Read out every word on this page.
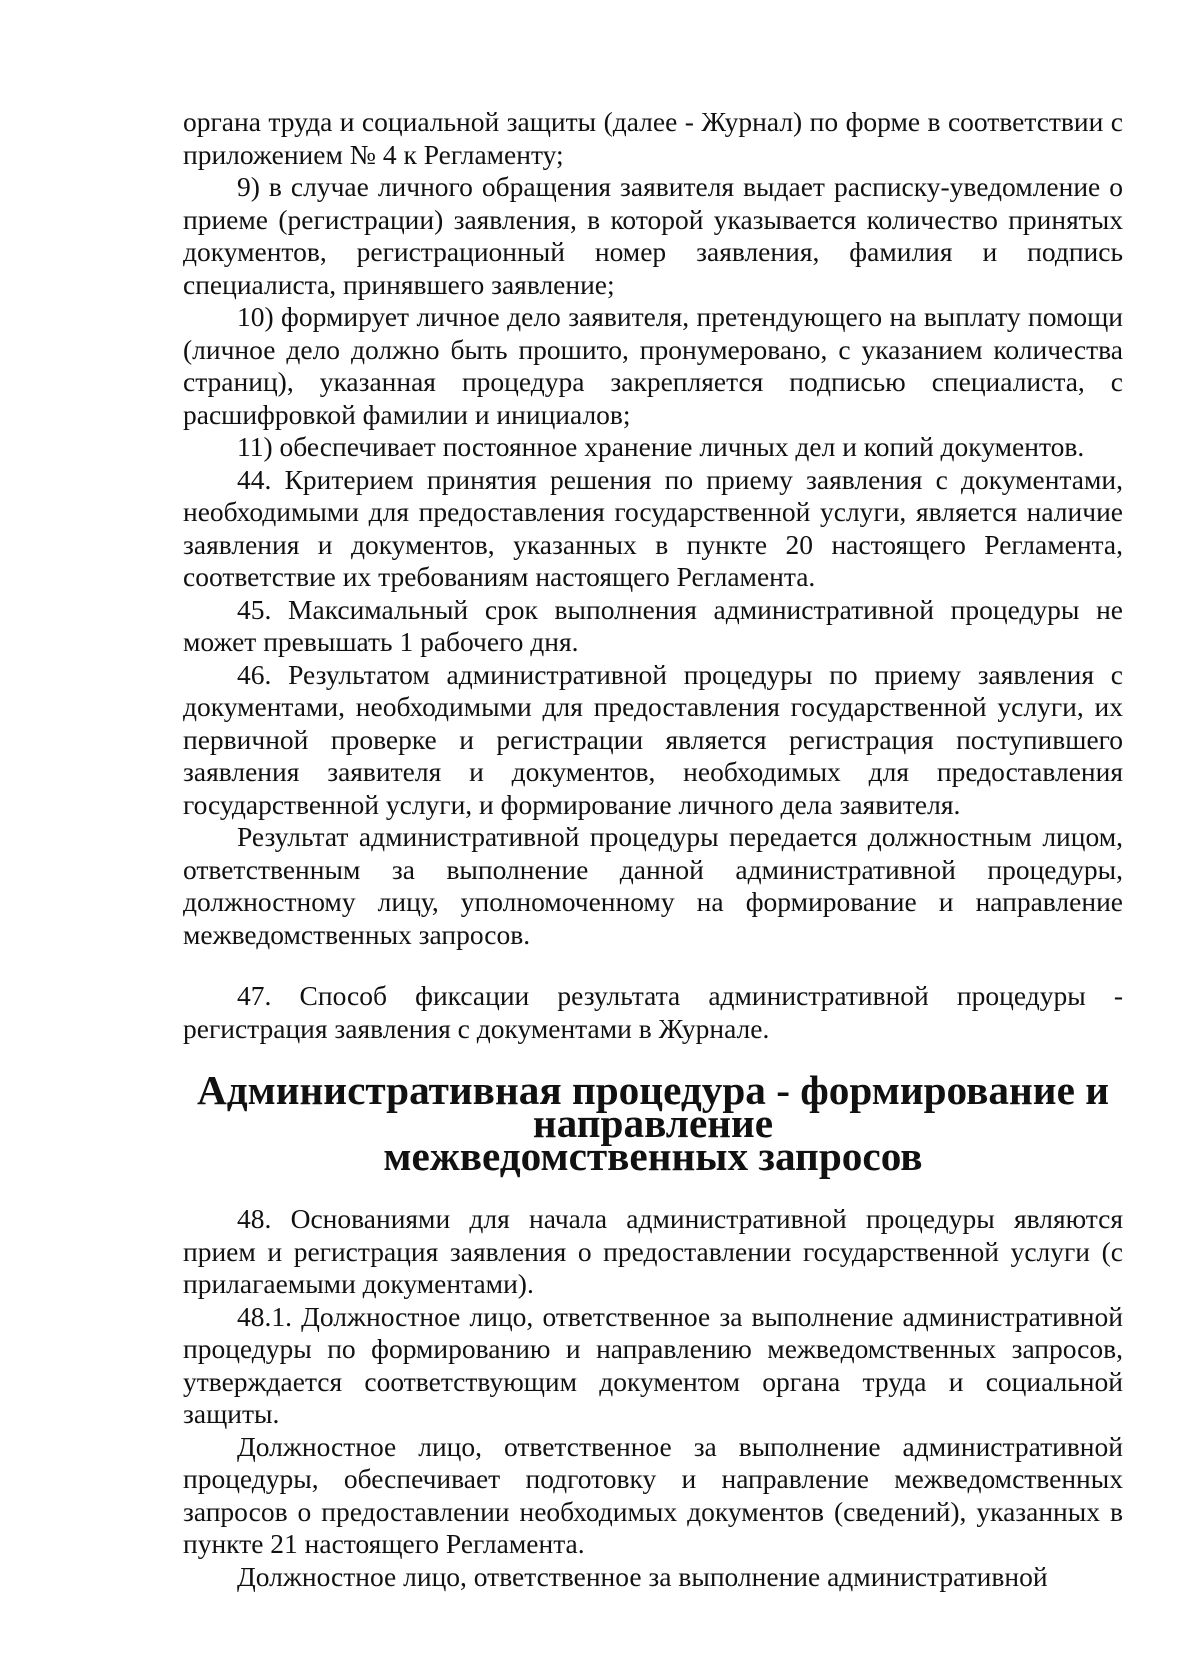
органа труда и социальной защиты (далее - Журнал) по форме в соответствии с приложением № 4 к Регламенту;

9) в случае личного обращения заявителя выдает расписку-уведомление о приеме (регистрации) заявления, в которой указывается количество принятых документов, регистрационный номер заявления, фамилия и подпись специалиста, принявшего заявление;

10) формирует личное дело заявителя, претендующего на выплату помощи (личное дело должно быть прошито, пронумеровано, с указанием количества страниц), указанная процедура закрепляется подписью специалиста, с расшифровкой фамилии и инициалов;

11) обеспечивает постоянное хранение личных дел и копий документов.

44. Критерием принятия решения по приему заявления с документами, необходимыми для предоставления государственной услуги, является наличие заявления и документов, указанных в пункте 20 настоящего Регламента, соответствие их требованиям настоящего Регламента.

45. Максимальный срок выполнения административной процедуры не может превышать 1 рабочего дня.

46. Результатом административной процедуры по приему заявления с документами, необходимыми для предоставления государственной услуги, их первичной проверке и регистрации является регистрация поступившего заявления заявителя и документов, необходимых для предоставления государственной услуги, и формирование личного дела заявителя.

Результат административной процедуры передается должностным лицом, ответственным за выполнение данной административной процедуры, должностному лицу, уполномоченному на формирование и направление межведомственных запросов.

47. Способ фиксации результата административной процедуры - регистрация заявления с документами в Журнале.

Административная процедура - формирование и направление
межведомственных запросов

48. Основаниями для начала административной процедуры являются прием и регистрация заявления о предоставлении государственной услуги (с прилагаемыми документами).

48.1. Должностное лицо, ответственное за выполнение административной процедуры по формированию и направлению межведомственных запросов, утверждается соответствующим документом органа труда и социальной защиты.

Должностное лицо, ответственное за выполнение административной процедуры, обеспечивает подготовку и направление межведомственных запросов о предоставлении необходимых документов (сведений), указанных в пункте 21 настоящего Регламента.

Должностное лицо, ответственное за выполнение административной
